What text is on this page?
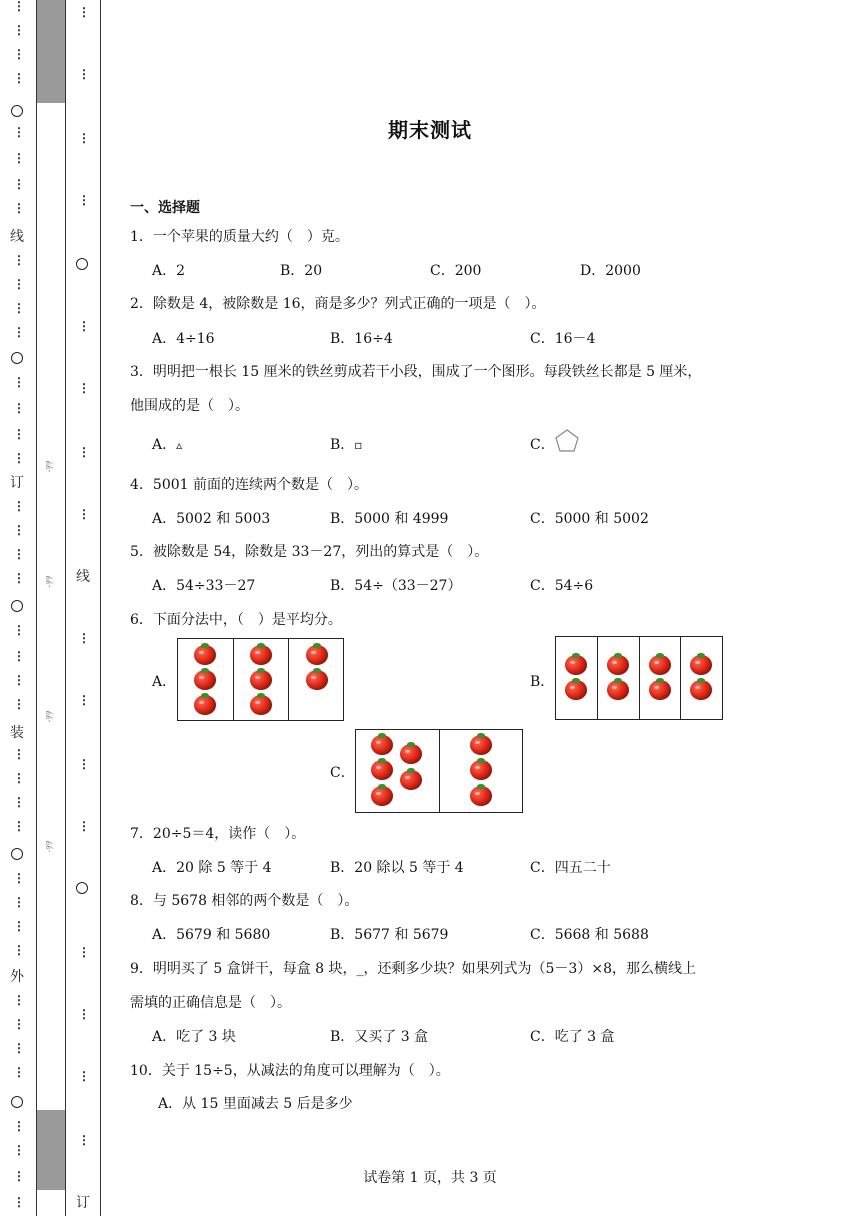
⋮
⋮
⋮
⋮
⋮
⋮
⋮
⋮
线
⋮
⋮
⋮
⋮
⋮
⋮
⋮
⋮
订
⋮
⋮
⋮
⋮
⋮
⋮
⋮
⋮
装
⋮
⋮
⋮
⋮
⋮
⋮
⋮
⋮
外
⋮
⋮
⋮
⋮
⋮
⋮
⋮
⋮
·ｦｦ
·ｦｦ
·ｦｦ
·ｦｦ
⋮
⋮
⋮
⋮
⋮
⋮
⋮
⋮
线
⋮
⋮
⋮
⋮
⋮
⋮
⋮
⋮
订
期末测试
一、选择题
1．一个苹果的质量大约（　）克。
A．2	B．20	C．200	D．2000
2．除数是 4，被除数是 16，商是多少？列式正确的一项是（　）。
A．4÷16	B．16÷4	C．16－4
3．明明把一根长 15 厘米的铁丝剪成若干小段，围成了一个图形。每段铁丝长都是 5 厘米，
他围成的是（　）。
A．▵	B．▫	C．
4．5001 前面的连续两个数是（　）。
A．5002 和 5003	B．5000 和 4999	C．5000 和 5002
5．被除数是 54，除数是 33－27，列出的算式是（　）。
A．54÷33－27	B．54÷（33－27）	C．54÷6
6．下面分法中，（　）是平均分。
A．	B．
C．
7．20÷5＝4，读作（　）。
A．20 除 5 等于 4	B．20 除以 5 等于 4	C．四五二十
8．与 5678 相邻的两个数是（　）。
A．5679 和 5680	B．5677 和 5679	C．5668 和 5688
9．明明买了 5 盒饼干，每盒 8 块，_，还剩多少块？如果列式为（5－3）×8，那么横线上
需填的正确信息是（　）。
A．吃了 3 块	B．又买了 3 盒	C．吃了 3 盒
10．关于 15÷5，从减法的角度可以理解为（　）。
A．从 15 里面减去 5 后是多少
试卷第 1 页，共 3 页
